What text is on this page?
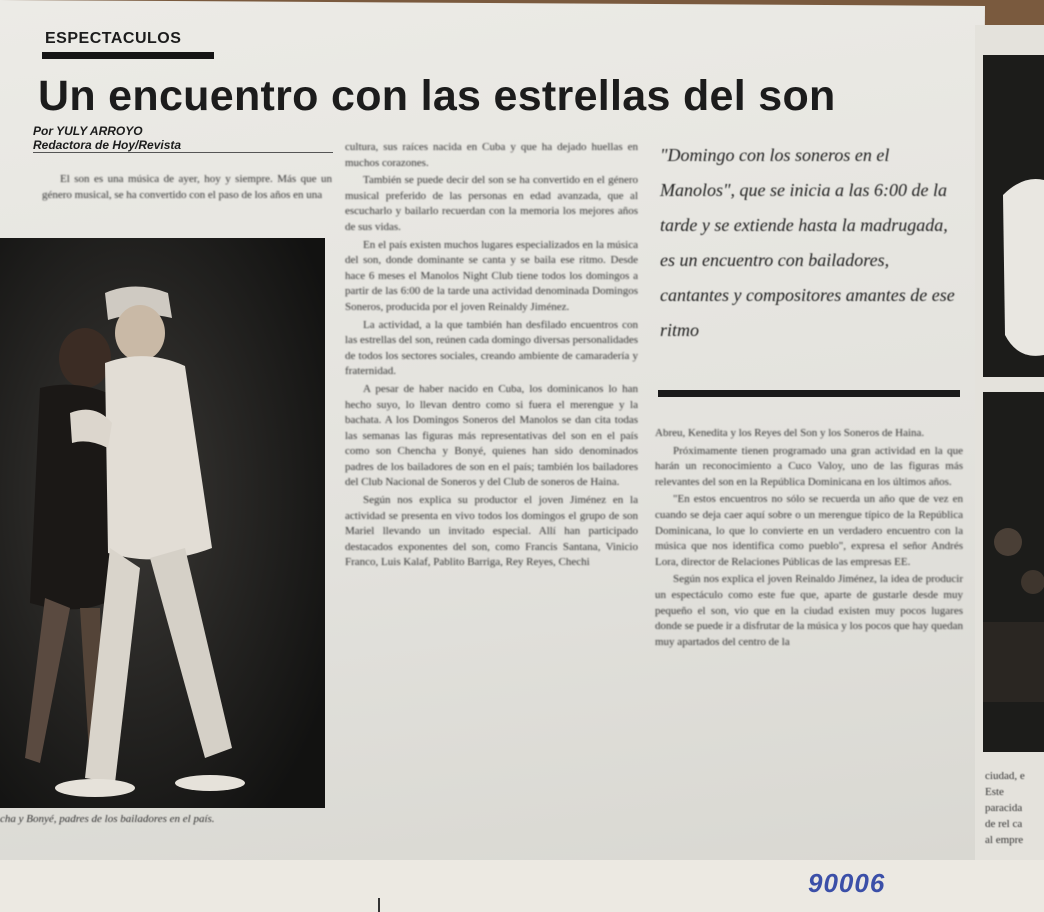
ESPECTACULOS
Un encuentro con las estrellas del son
Por YULY ARROYO
Redactora de Hoy/Revista

El son es una música de ayer, hoy y siempre. Más que un género musical, se ha convertido con el paso de los años en una

cha y Bonyé, padres de los bailadores en el país.

cultura, sus raíces nacida en Cuba y que ha dejado huellas en muchos corazones.

También se puede decir del son se ha convertido en el género musical preferido de las personas en edad avanzada, que al escucharlo y bailarlo recuerdan con la memoria los mejores años de sus vidas.

En el país existen muchos lugares especializados en la música del son, donde dominante se canta y se baila ese ritmo. Desde hace 6 meses el Manolos Night Club tiene todos los domingos a partir de las 6:00 de la tarde una actividad denominada Domingos Soneros, producida por el joven Reinaldy Jiménez.

La actividad, a la que también han desfilado encuentros con las estrellas del son, reúnen cada domingo diversas personalidades de todos los sectores sociales, creando ambiente de camaradería y fraternidad.

A pesar de haber nacido en Cuba, los dominicanos lo han hecho suyo, lo llevan dentro como si fuera el merengue y la bachata. A los Domingos Soneros del Manolos se dan cita todas las semanas las figuras más representativas del son en el país como son Chencha y Bonyé, quienes han sido denominados padres de los bailadores de son en el país; también los bailadores del Club Nacional de Soneros y del Club de soneros de Haina.

Según nos explica su productor el joven Jiménez en la actividad se presenta en vivo todos los domingos el grupo de son Mariel llevando un invitado especial. Allí han participado destacados exponentes del son, como Francis Santana, Vinicio Franco, Luis Kalaf, Pablito Barriga, Rey Reyes, Chechi

"Domingo con los soneros en el Manolos", que se inicia a las 6:00 de la tarde y se extiende hasta la madrugada, es un encuentro con bailadores, cantantes y compositores amantes de ese ritmo

Abreu, Kenedita y los Reyes del Son y los Soneros de Haina.

Próximamente tienen programado una gran actividad en la que harán un reconocimiento a Cuco Valoy, uno de las figuras más relevantes del son en la República Dominicana en los últimos años.

"En estos encuentros no sólo se recuerda un año que de vez en cuando se deja caer aquí sobre o un merengue típico de la República Dominicana, lo que lo convierte en un verdadero encuentro con la música que nos identifica como pueblo", expresa el señor Andrés Lora, director de Relaciones Públicas de las empresas EE.

Según nos explica el joven Reinaldo Jiménez, la idea de producir un espectáculo como este fue que, aparte de gustarle desde muy pequeño el son, vio que en la ciudad existen muy pocos lugares donde se puede ir a disfrutar de la música y los pocos que hay quedan muy apartados del centro de la

ciudad, e
Este
paracida
de rel ca
al empre
90006
